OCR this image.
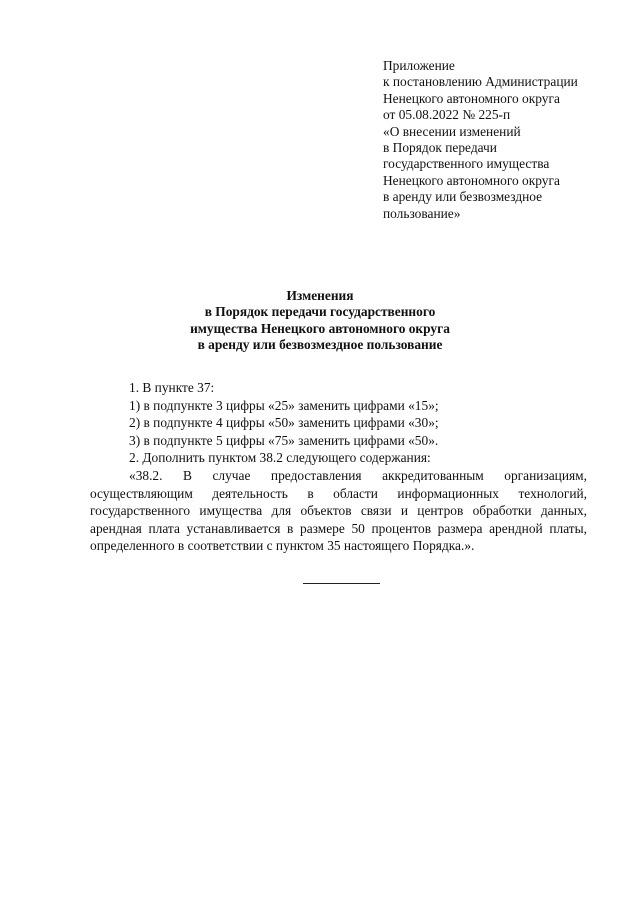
Приложение
к постановлению Администрации
Ненецкого автономного округа
от 05.08.2022 № 225-п
«О внесении изменений
в Порядок передачи
государственного имущества
Ненецкого автономного округа
в аренду или безвозмездное
пользование»
Изменения
в Порядок передачи государственного
имущества Ненецкого автономного округа
в аренду или безвозмездное пользование
1. В пункте 37:
1) в подпункте 3 цифры «25» заменить цифрами «15»;
2) в подпункте 4 цифры «50» заменить цифрами «30»;
3) в подпункте 5 цифры «75» заменить цифрами «50».
2. Дополнить пунктом 38.2 следующего содержания:
«38.2. В случае предоставления аккредитованным организациям,
осуществляющим деятельность в области информационных технологий,
государственного имущества для объектов связи и центров обработки данных,
арендная плата устанавливается в размере 50 процентов размера арендной платы,
определенного в соответствии с пунктом 35 настоящего Порядка.».
